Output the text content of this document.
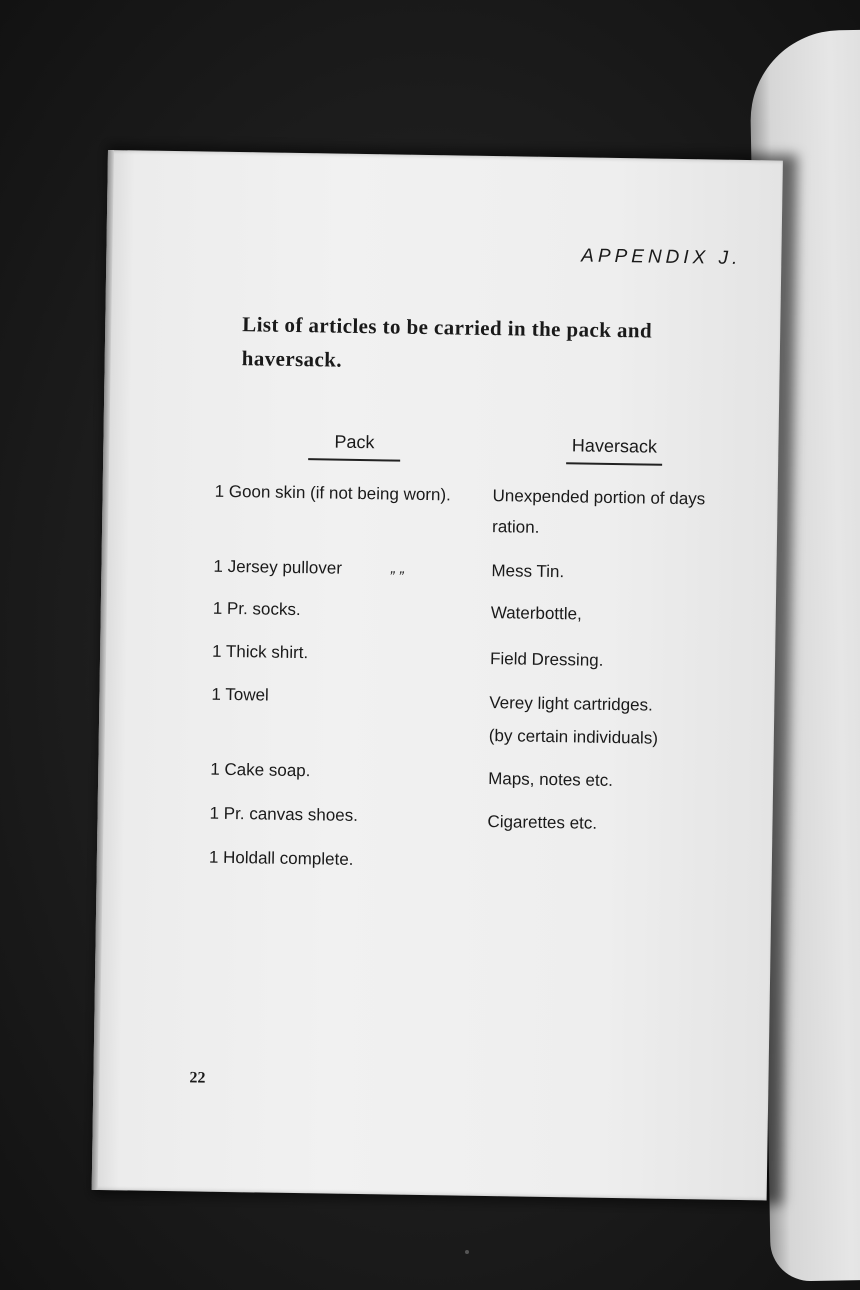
APPENDIX J.
List of articles to be carried in the pack and haversack.
Pack	Haversack
1 Goon skin (if not being worn).
1 Jersey pullover	” ”
1 Pr. socks.
1 Thick shirt.
1 Towel
1 Cake soap.
1 Pr. canvas shoes.
1 Holdall complete.
Unexpended portion of days
ration.
Mess Tin.
Waterbottle,
Field Dressing.
Verey light cartridges.
(by certain individuals)
Maps, notes etc.
Cigarettes etc.
22
